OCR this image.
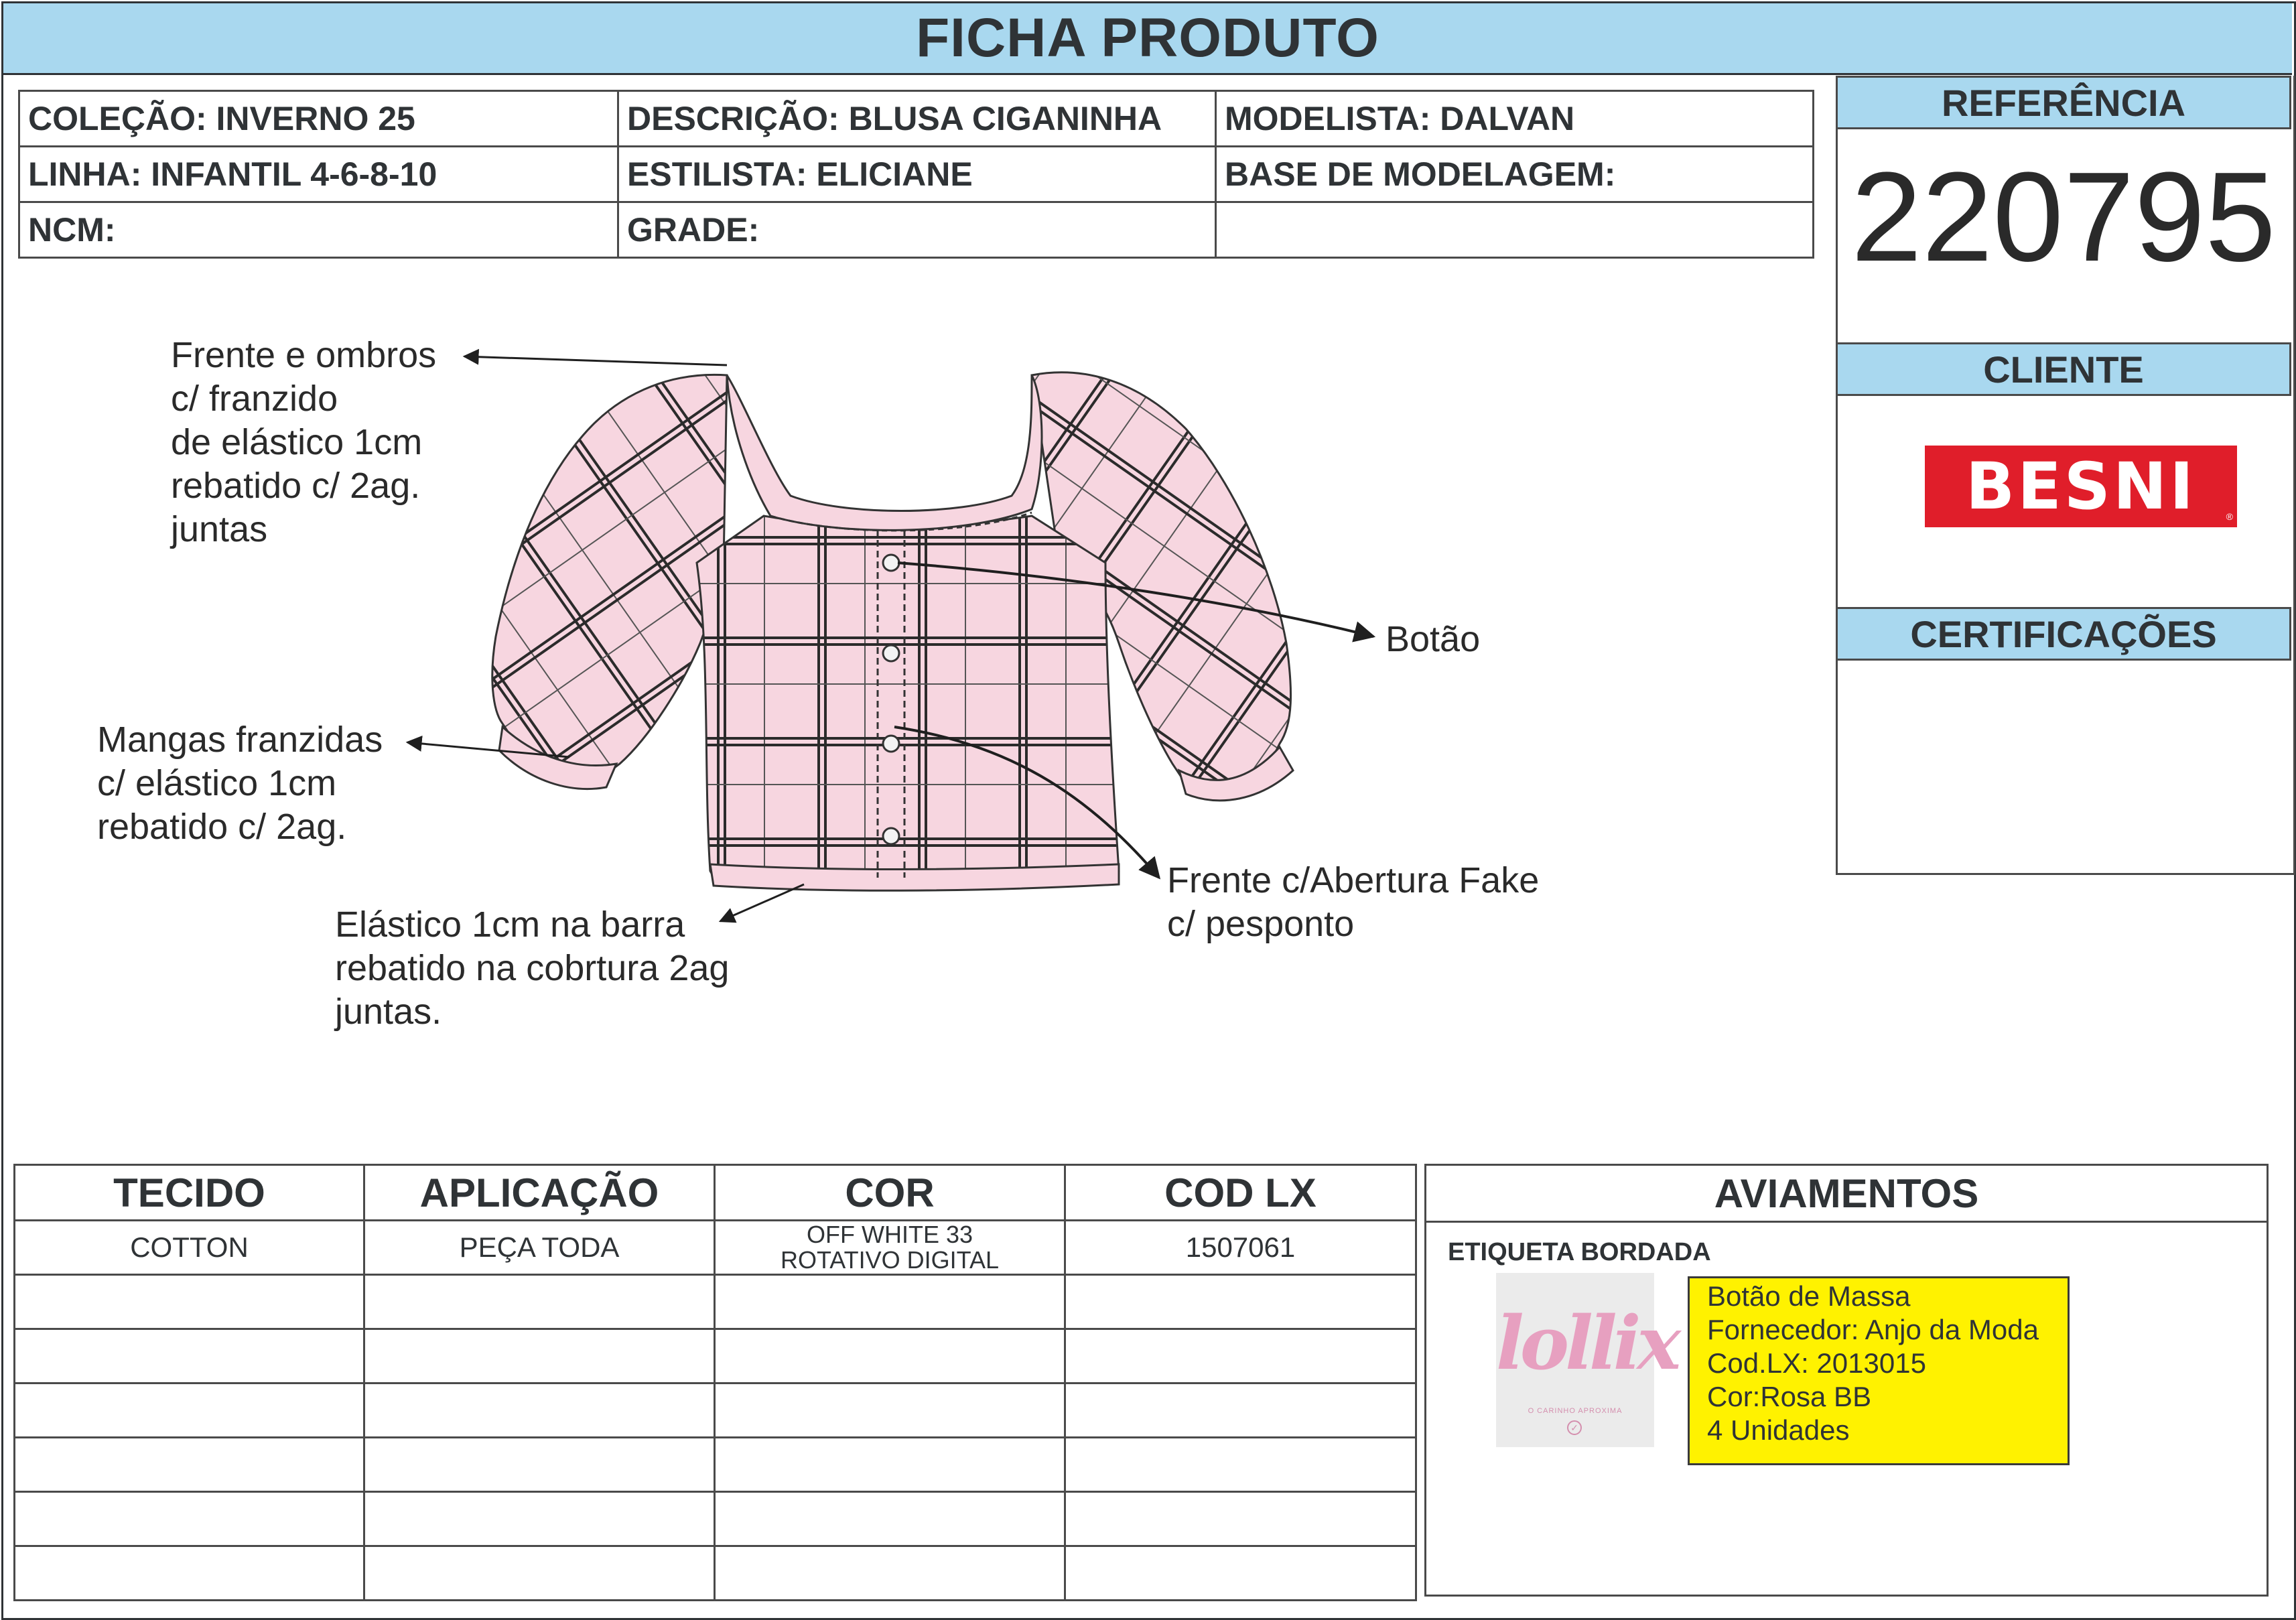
FICHA PRODUTO
COLEÇÃO: INVERNO 25	DESCRIÇÃO: BLUSA CIGANINHA	MODELISTA: DALVAN
LINHA: INFANTIL 4-6-8-10	ESTILISTA: ELICIANE	BASE DE MODELAGEM:
NCM:	GRADE:	
REFERÊNCIA
220795
CLIENTE
BESNI	®
CERTIFICAÇÕES
Frente e ombros
c/ franzido
de elástico 1cm
rebatido c/ 2ag.
juntas
Botão
Mangas franzidas
c/ elástico 1cm
rebatido c/ 2ag.
Elástico 1cm na barra
rebatido na cobrtura 2ag
juntas.
Frente c/Abertura Fake
c/ pesponto
TECIDO	APLICAÇÃO	COR	COD LX
COTTON	PEÇA TODA	OFF WHITE 33
ROTATIVO DIGITAL	1507061

AVIAMENTOS
ETIQUETA BORDADA
lollix
O CARINHO APROXIMA
✓
Botão de Massa
Fornecedor: Anjo da Moda
Cod.LX: 2013015
Cor:Rosa BB
4 Unidades
